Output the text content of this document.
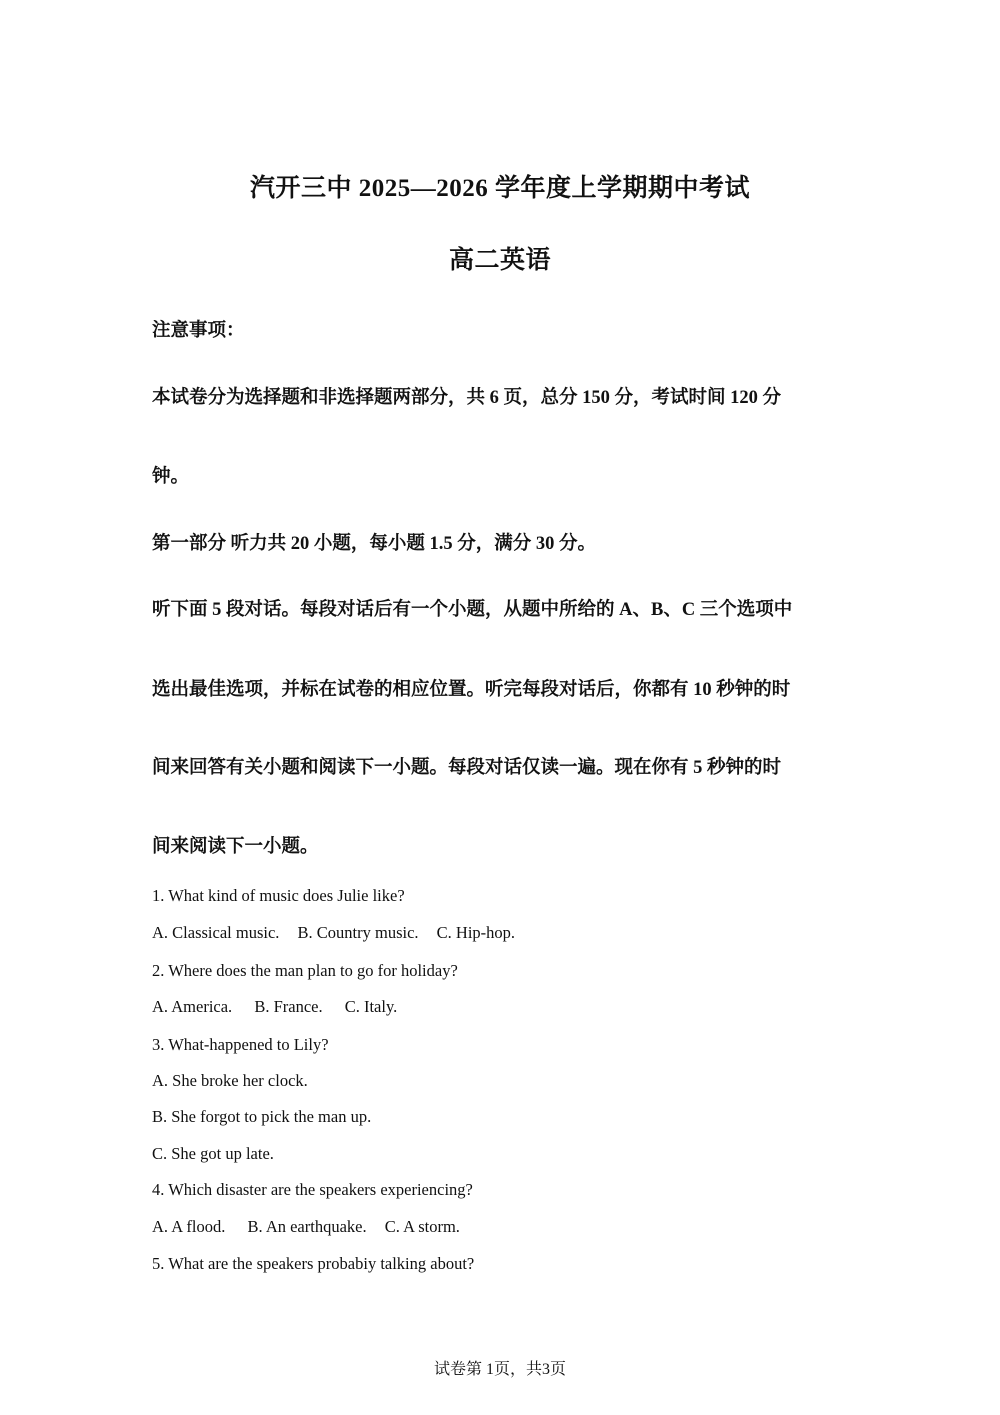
汽开三中 2025—2026 学年度上学期期中考试
高二英语
注意事项：
本试卷分为选择题和非选择题两部分，共 6 页，总分 150 分，考试时间 120 分
钟。
第一部分 听力共 20 小题，每小题 1.5 分，满分 30 分。
听下面 5 段对话。每段对话后有一个小题，从题中所给的 A、B、C 三个选项中
选出最佳选项，并标在试卷的相应位置。听完每段对话后，你都有 10 秒钟的时
间来回答有关小题和阅读下一小题。每段对话仅读一遍。现在你有 5 秒钟的时
间来阅读下一小题。
1. What kind of music does Julie like?
A. Classical music. B. Country music. C. Hip-hop.
2. Where does the man plan to go for holiday?
A. America. B. France. C. Italy.
3. What-happened to Lily?
A. She broke her clock.
B. She forgot to pick the man up.
C. She got up late.
4. Which disaster are the speakers experiencing?
A. A flood. B. An earthquake. C. A storm.
5. What are the speakers probabiy talking about?
试卷第 1页，共3页
